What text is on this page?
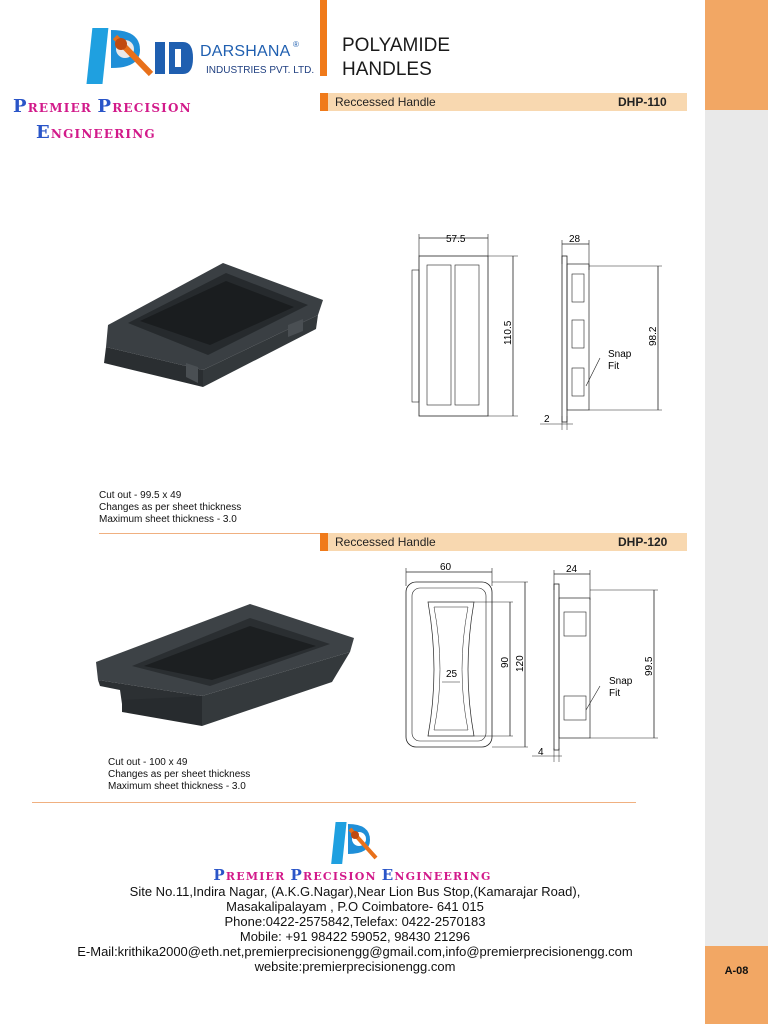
A-08
DARSHANA ®
INDUSTRIES PVT. LTD.
PREMIER PRECISION
ENGINEERING
POLYAMIDE
HANDLES
Reccessed Handle	DHP-110
57.5
110.5
28
98.2
Snap
Fit
2
Cut out - 99.5 x 49
Changes as per sheet thickness
Maximum sheet thickness - 3.0
Reccessed Handle	DHP-120
60
25
90 120
24
99.5
Snap
Fit
4
Cut out - 100 x 49
Changes as per sheet thickness
Maximum sheet thickness - 3.0
PREMIER PRECISION ENGINEERING
Site No.11,Indira Nagar, (A.K.G.Nagar),Near Lion Bus Stop,(Kamarajar Road),
Masakalipalayam , P.O Coimbatore- 641 015
Phone:0422-2575842,Telefax: 0422-2570183
Mobile: +91 98422 59052, 98430 21296
E-Mail:krithika2000@eth.net,premierprecisionengg@gmail.com,info@premierprecisionengg.com
website:premierprecisionengg.com
